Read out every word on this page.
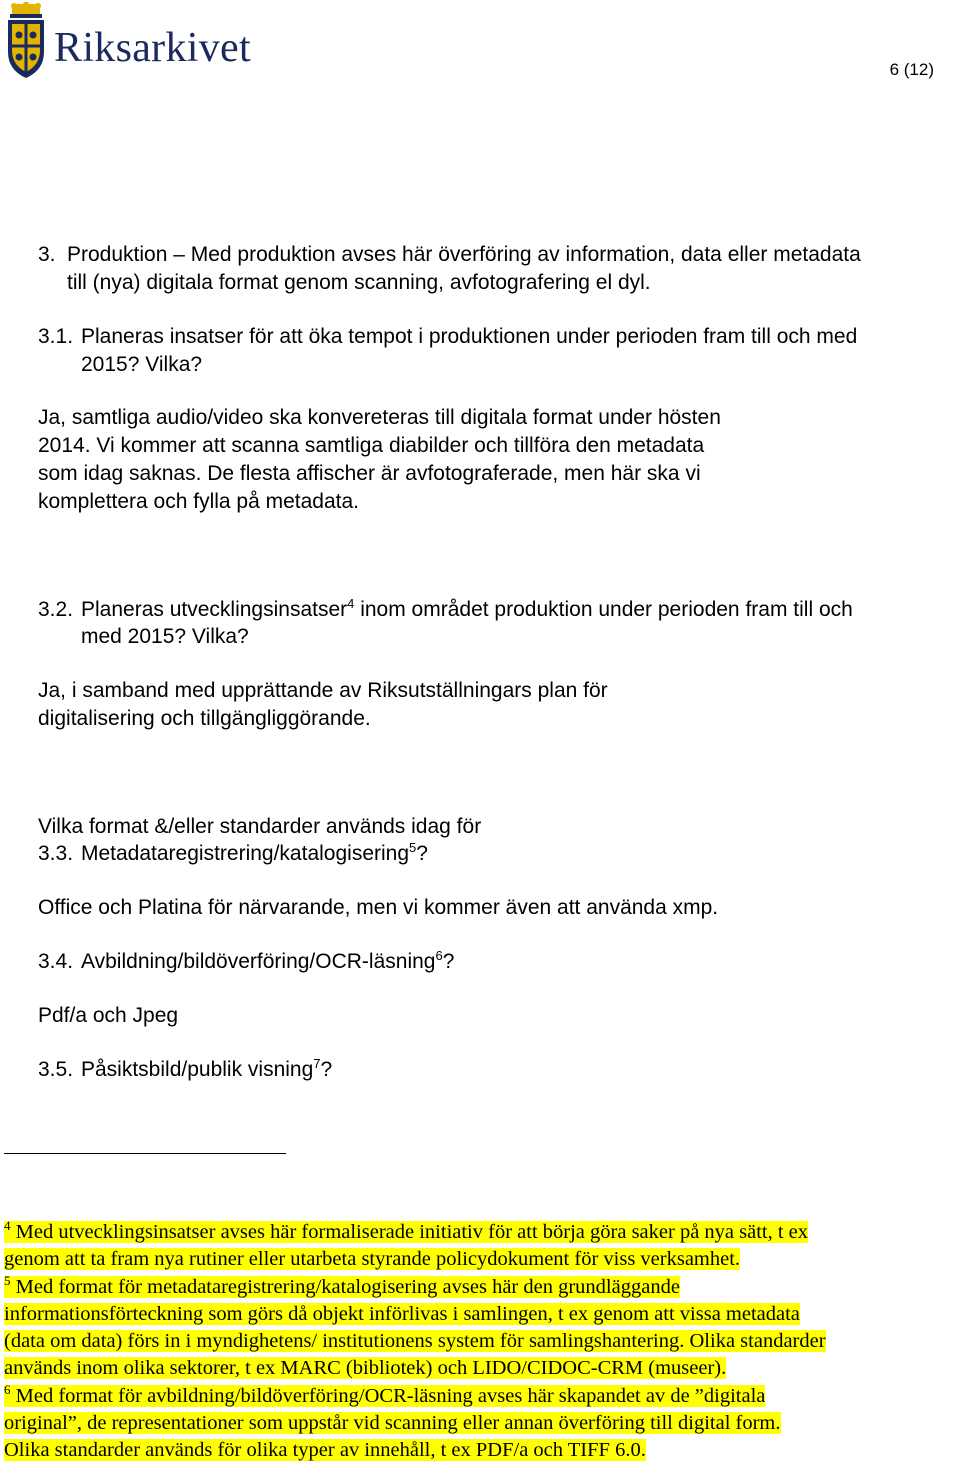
Riksarkivet	6 (12)
3. Produktion – Med produktion avses här överföring av information, data eller metadata
till (nya) digitala format genom scanning, avfotografering el dyl.
3.1. Planeras insatser för att öka tempot i produktionen under perioden fram till och med
2015? Vilka?
Ja, samtliga audio/video ska konvereteras till digitala format under hösten
2014. Vi kommer att scanna samtliga diabilder och tillföra den metadata
som idag saknas. De flesta affischer är avfotograferade, men här ska vi
komplettera och fylla på metadata.
3.2. Planeras utvecklingsinsatser$^4$ inom området produktion under perioden fram till och
med 2015? Vilka?
Ja, i samband med upprättande av Riksutställningars plan för
digitalisering och tillgängliggörande.
Vilka format &/eller standarder används idag för
3.3. Metadataregistrering/katalogisering$^5$?
Office och Platina för närvarande, men vi kommer även att använda xmp.
3.4. Avbildning/bildöverföring/OCR-läsning$^6$?
Pdf/a och Jpeg
3.5. Påsiktsbild/publik visning$^7$?
$^4$ Med utvecklingsinsatser avses här formaliserade initiativ för att börja göra saker på nya sätt, t ex
genom att ta fram nya rutiner eller utarbeta styrande policydokument för viss verksamhet.
$^5$ Med format för metadataregistrering/katalogisering avses här den grundläggande
informationsförteckning som görs då objekt införlivas i samlingen, t ex genom att vissa metadata
(data om data) förs in i myndighetens/ institutionens system för samlingshantering. Olika standarder
används inom olika sektorer, t ex MARC (bibliotek) och LIDO/CIDOC-CRM (museer).
$^6$ Med format för avbildning/bildöverföring/OCR-läsning avses här skapandet av de ”digitala
original”, de representationer som uppstår vid scanning eller annan överföring till digital form.
Olika standarder används för olika typer av innehåll, t ex PDF/a och TIFF 6.0.
